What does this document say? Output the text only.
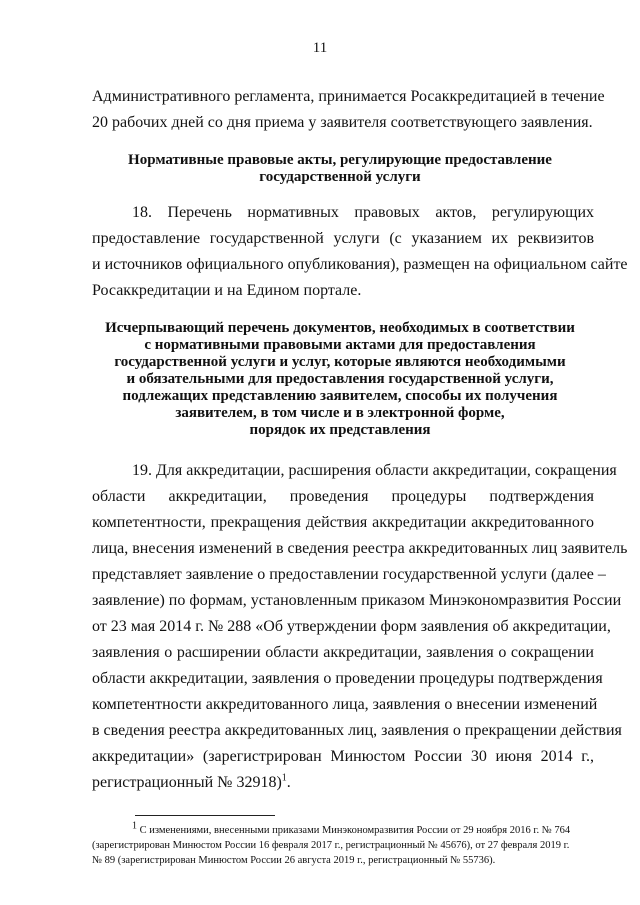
11
Административного регламента, принимается Росаккредитацией в течение
20 рабочих дней со дня приема у заявителя соответствующего заявления.
Нормативные правовые акты, регулирующие предоставление
государственной услуги
18. Перечень нормативных правовых актов, регулирующих
предоставление государственной услуги (с указанием их реквизитов
и источников официального опубликования), размещен на официальном сайте
Росаккредитации и на Едином портале.
Исчерпывающий перечень документов, необходимых в соответствии
с нормативными правовыми актами для предоставления
государственной услуги и услуг, которые являются необходимыми
и обязательными для предоставления государственной услуги,
подлежащих представлению заявителем, способы их получения
заявителем, в том числе и в электронной форме,
порядок их представления
19. Для аккредитации, расширения области аккредитации, сокращения
области аккредитации, проведения процедуры подтверждения
компетентности, прекращения действия аккредитации аккредитованного
лица, внесения изменений в сведения реестра аккредитованных лиц заявитель
представляет заявление о предоставлении государственной услуги (далее –
заявление) по формам, установленным приказом Минэкономразвития России
от 23 мая 2014 г. № 288 «Об утверждении форм заявления об аккредитации,
заявления о расширении области аккредитации, заявления о сокращении
области аккредитации, заявления о проведении процедуры подтверждения
компетентности аккредитованного лица, заявления о внесении изменений
в сведения реестра аккредитованных лиц, заявления о прекращении действия
аккредитации» (зарегистрирован Минюстом России 30 июня 2014 г.,
регистрационный № 32918)$^1$.
$^1$ С изменениями, внесенными приказами Минэкономразвития России от 29 ноября 2016 г. № 764
(зарегистрирован Минюстом России 16 февраля 2017 г., регистрационный № 45676), от 27 февраля 2019 г.
№ 89 (зарегистрирован Минюстом России 26 августа 2019 г., регистрационный № 55736).
